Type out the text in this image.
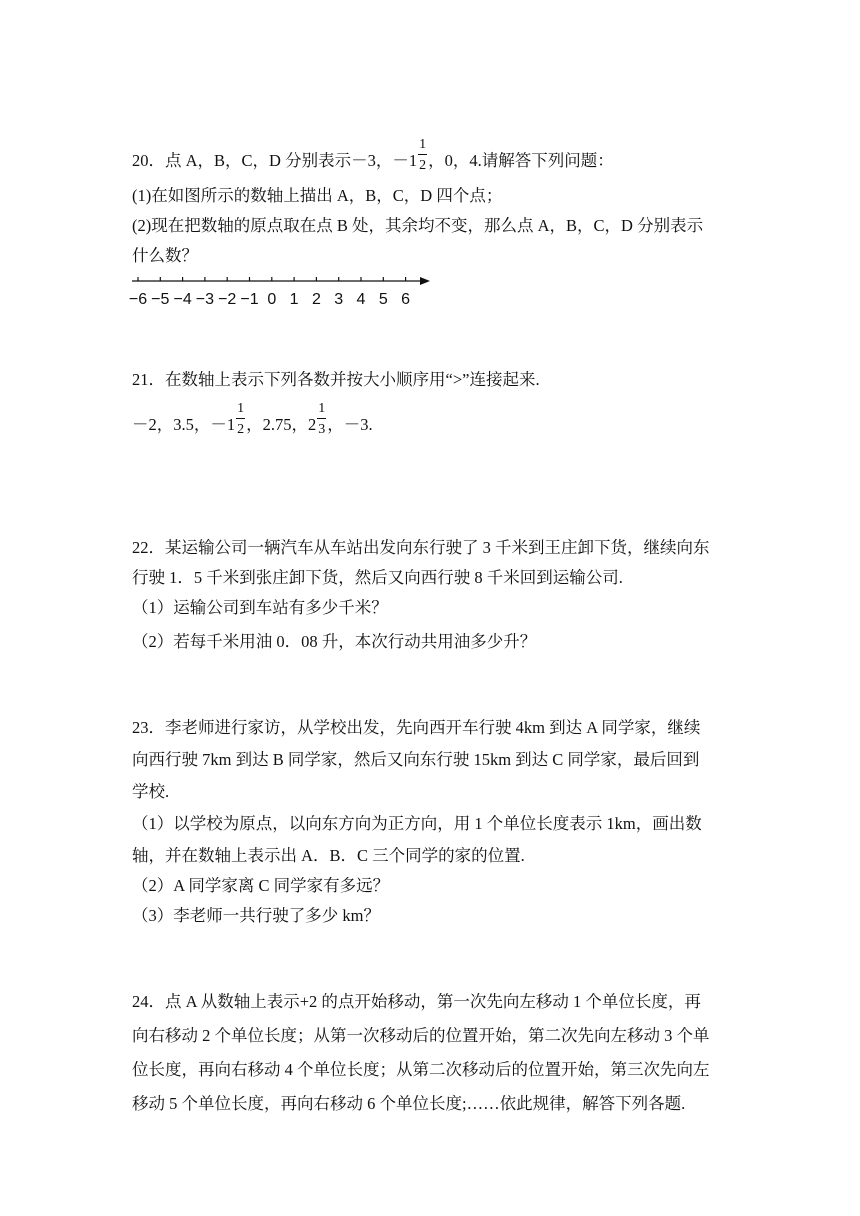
20．点 A，B，C，D 分别表示－3，$-1 \frac{1}{2}$ ，0，4.请解答下列问题：
(1)在如图所示的数轴上描出 A，B，C，D 四个点；
(2)现在把数轴的原点取在点 B 处，其余均不变，那么点 A，B，C，D 分别表示
什么数？
−6 −5 −4 −3 −2 −1 0 1 2 3 4 5 6
21．在数轴上表示下列各数并按大小顺序用“>”连接起来.
－2，3.5，$-1 \frac{1}{2}$ ，2.75，$2 \frac{1}{3}$ ，－3.
22．某运输公司一辆汽车从车站出发向东行驶了 3 千米到王庄卸下货，继续向东
行驶 1．5 千米到张庄卸下货，然后又向西行驶 8 千米回到运输公司.
（1）运输公司到车站有多少千米？
（2）若每千米用油 0．08 升，本次行动共用油多少升？
23．李老师进行家访，从学校出发，先向西开车行驶 4km 到达 A 同学家，继续
向西行驶 7km 到达 B 同学家，然后又向东行驶 15km 到达 C 同学家，最后回到
学校.
（1）以学校为原点，以向东方向为正方向，用 1 个单位长度表示 1km，画出数
轴，并在数轴上表示出 A．B．C 三个同学的家的位置.
（2）A 同学家离 C 同学家有多远？
（3）李老师一共行驶了多少 km？
24．点 A 从数轴上表示+2 的点开始移动，第一次先向左移动 1 个单位长度，再
向右移动 2 个单位长度；从第一次移动后的位置开始，第二次先向左移动 3 个单
位长度，再向右移动 4 个单位长度；从第二次移动后的位置开始，第三次先向左
移动 5 个单位长度，再向右移动 6 个单位长度;……依此规律，解答下列各题.
